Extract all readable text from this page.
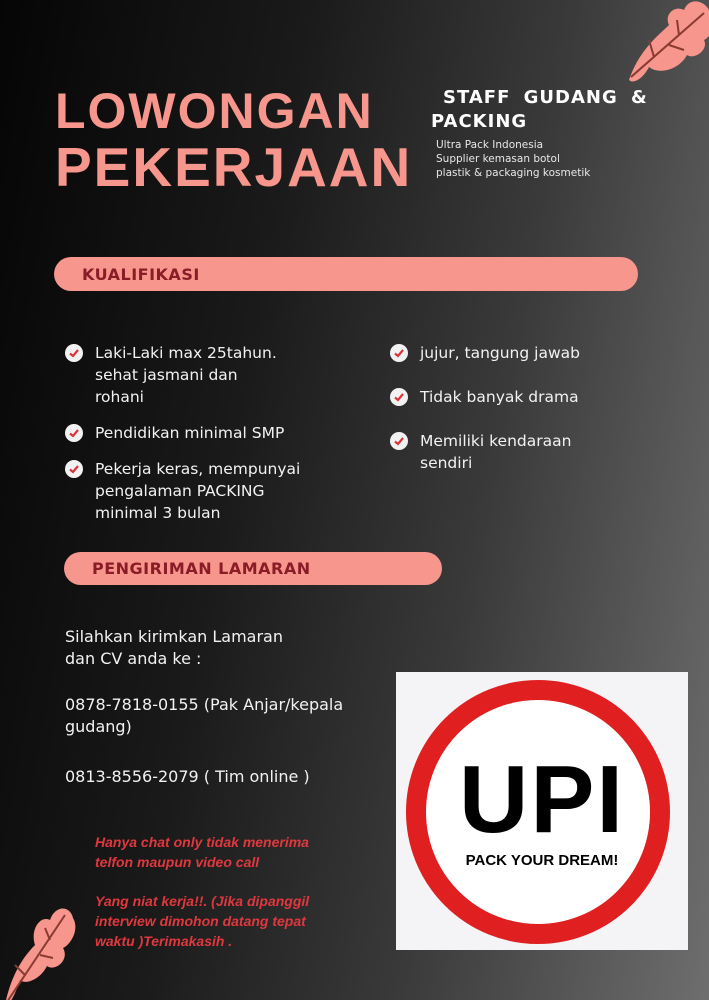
LOWONGAN
PEKERJAAN
STAFF GUDANG &
PACKING
Ultra Pack Indonesia
Supplier kemasan botol
plastik & packaging kosmetik
KUALIFIKASI
Laki-Laki max 25tahun.
sehat jasmani dan
rohani
Pendidikan minimal SMP
Pekerja keras, mempunyai
pengalaman PACKING
minimal 3 bulan
jujur, tangung jawab
Tidak banyak drama
Memiliki kendaraan
sendiri
PENGIRIMAN LAMARAN
Silahkan kirimkan Lamaran
dan CV anda ke :
0878-7818-0155 (Pak Anjar/kepala
gudang)
0813-8556-2079 ( Tim online )
Hanya chat only tidak menerima
telfon maupun video call
Yang niat kerja!!. (Jika dipanggil
interview dimohon datang tepat
waktu )Terimakasih .
UPI
PACK YOUR DREAM!
